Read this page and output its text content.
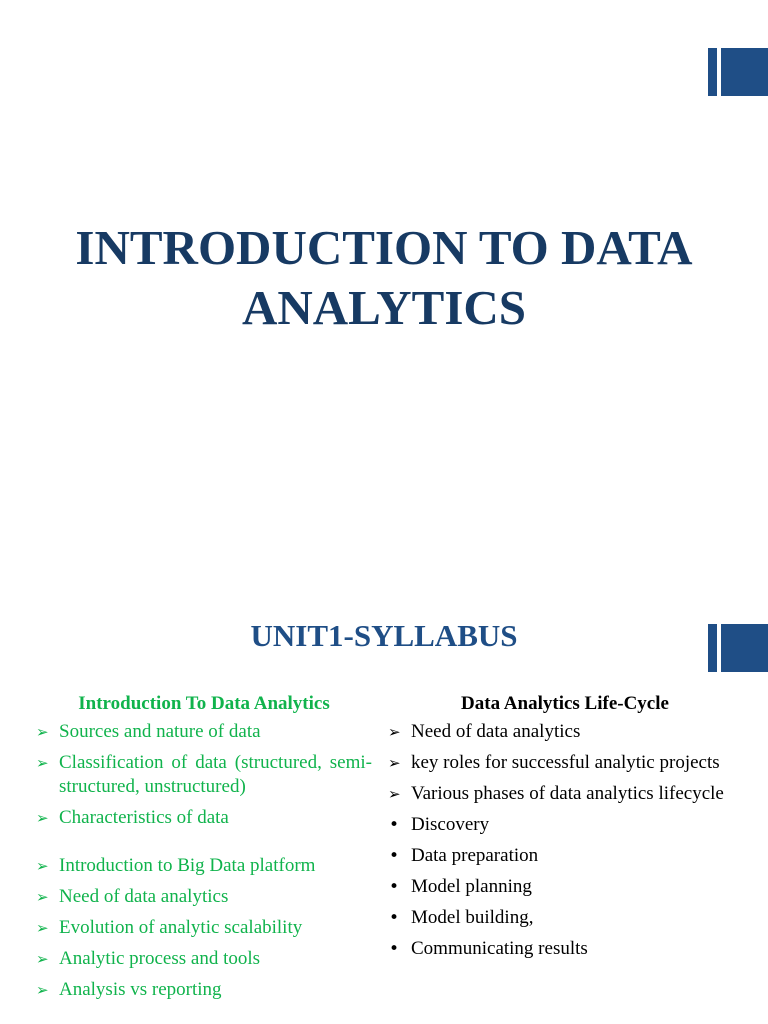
INTRODUCTION TO DATA
ANALYTICS
UNIT1-SYLLABUS
Introduction To Data Analytics
➢ Sources and nature of data
➢ Classification of data (structured, semi-structured, unstructured)
➢ Characteristics of data
➢ Introduction to Big Data platform
➢ Need of data analytics
➢ Evolution of analytic scalability
➢ Analytic process and tools
➢ Analysis vs reporting
Data Analytics Life-Cycle
➢ Need of data analytics
➢ key roles for successful analytic projects
➢ Various phases of data analytics lifecycle
• Discovery
• Data preparation
• Model planning
• Model building,
• Communicating results
